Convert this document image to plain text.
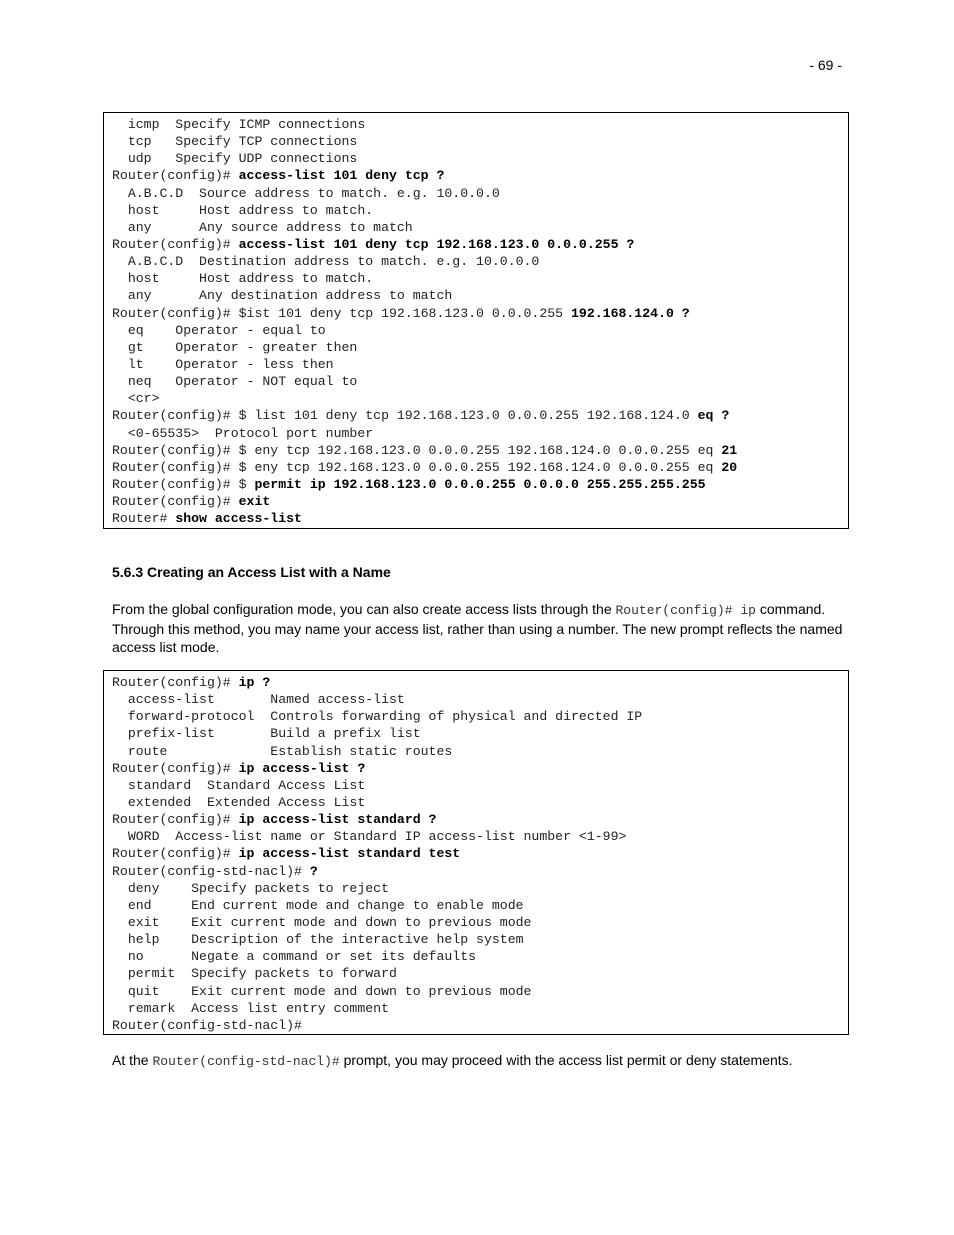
- 69 -
icmp  Specify ICMP connections
tcp   Specify TCP connections
udp   Specify UDP connections
Router(config)# access-list 101 deny tcp ?
A.B.C.D  Source address to match. e.g. 10.0.0.0
host     Host address to match.
any      Any source address to match
Router(config)# access-list 101 deny tcp 192.168.123.0 0.0.0.255 ?
A.B.C.D  Destination address to match. e.g. 10.0.0.0
host     Host address to match.
any      Any destination address to match
Router(config)# $ist 101 deny tcp 192.168.123.0 0.0.0.255 192.168.124.0 ?
eq    Operator - equal to
gt    Operator - greater then
lt    Operator - less then
neq   Operator - NOT equal to
<cr>
Router(config)# $ list 101 deny tcp 192.168.123.0 0.0.0.255 192.168.124.0 eq ?
<0-65535>  Protocol port number
Router(config)# $ eny tcp 192.168.123.0 0.0.0.255 192.168.124.0 0.0.0.255 eq 21
Router(config)# $ eny tcp 192.168.123.0 0.0.0.255 192.168.124.0 0.0.0.255 eq 20
Router(config)# $ permit ip 192.168.123.0 0.0.0.255 0.0.0.0 255.255.255.255
Router(config)# exit
Router# show access-list
5.6.3 Creating an Access List with a Name
From the global configuration mode, you can also create access lists through the Router(config)# ip command. Through this method, you may name your access list, rather than using a number. The new prompt reflects the named access list mode.
Router(config)# ip ?
access-list       Named access-list
forward-protocol  Controls forwarding of physical and directed IP
prefix-list       Build a prefix list
route             Establish static routes
Router(config)# ip access-list ?
standard  Standard Access List
extended  Extended Access List
Router(config)# ip access-list standard ?
WORD  Access-list name or Standard IP access-list number <1-99>
Router(config)# ip access-list standard test
Router(config-std-nacl)# ?
deny    Specify packets to reject
end     End current mode and change to enable mode
exit    Exit current mode and down to previous mode
help    Description of the interactive help system
no      Negate a command or set its defaults
permit  Specify packets to forward
quit    Exit current mode and down to previous mode
remark  Access list entry comment
Router(config-std-nacl)#
At the Router(config-std-nacl)# prompt, you may proceed with the access list permit or deny statements.
